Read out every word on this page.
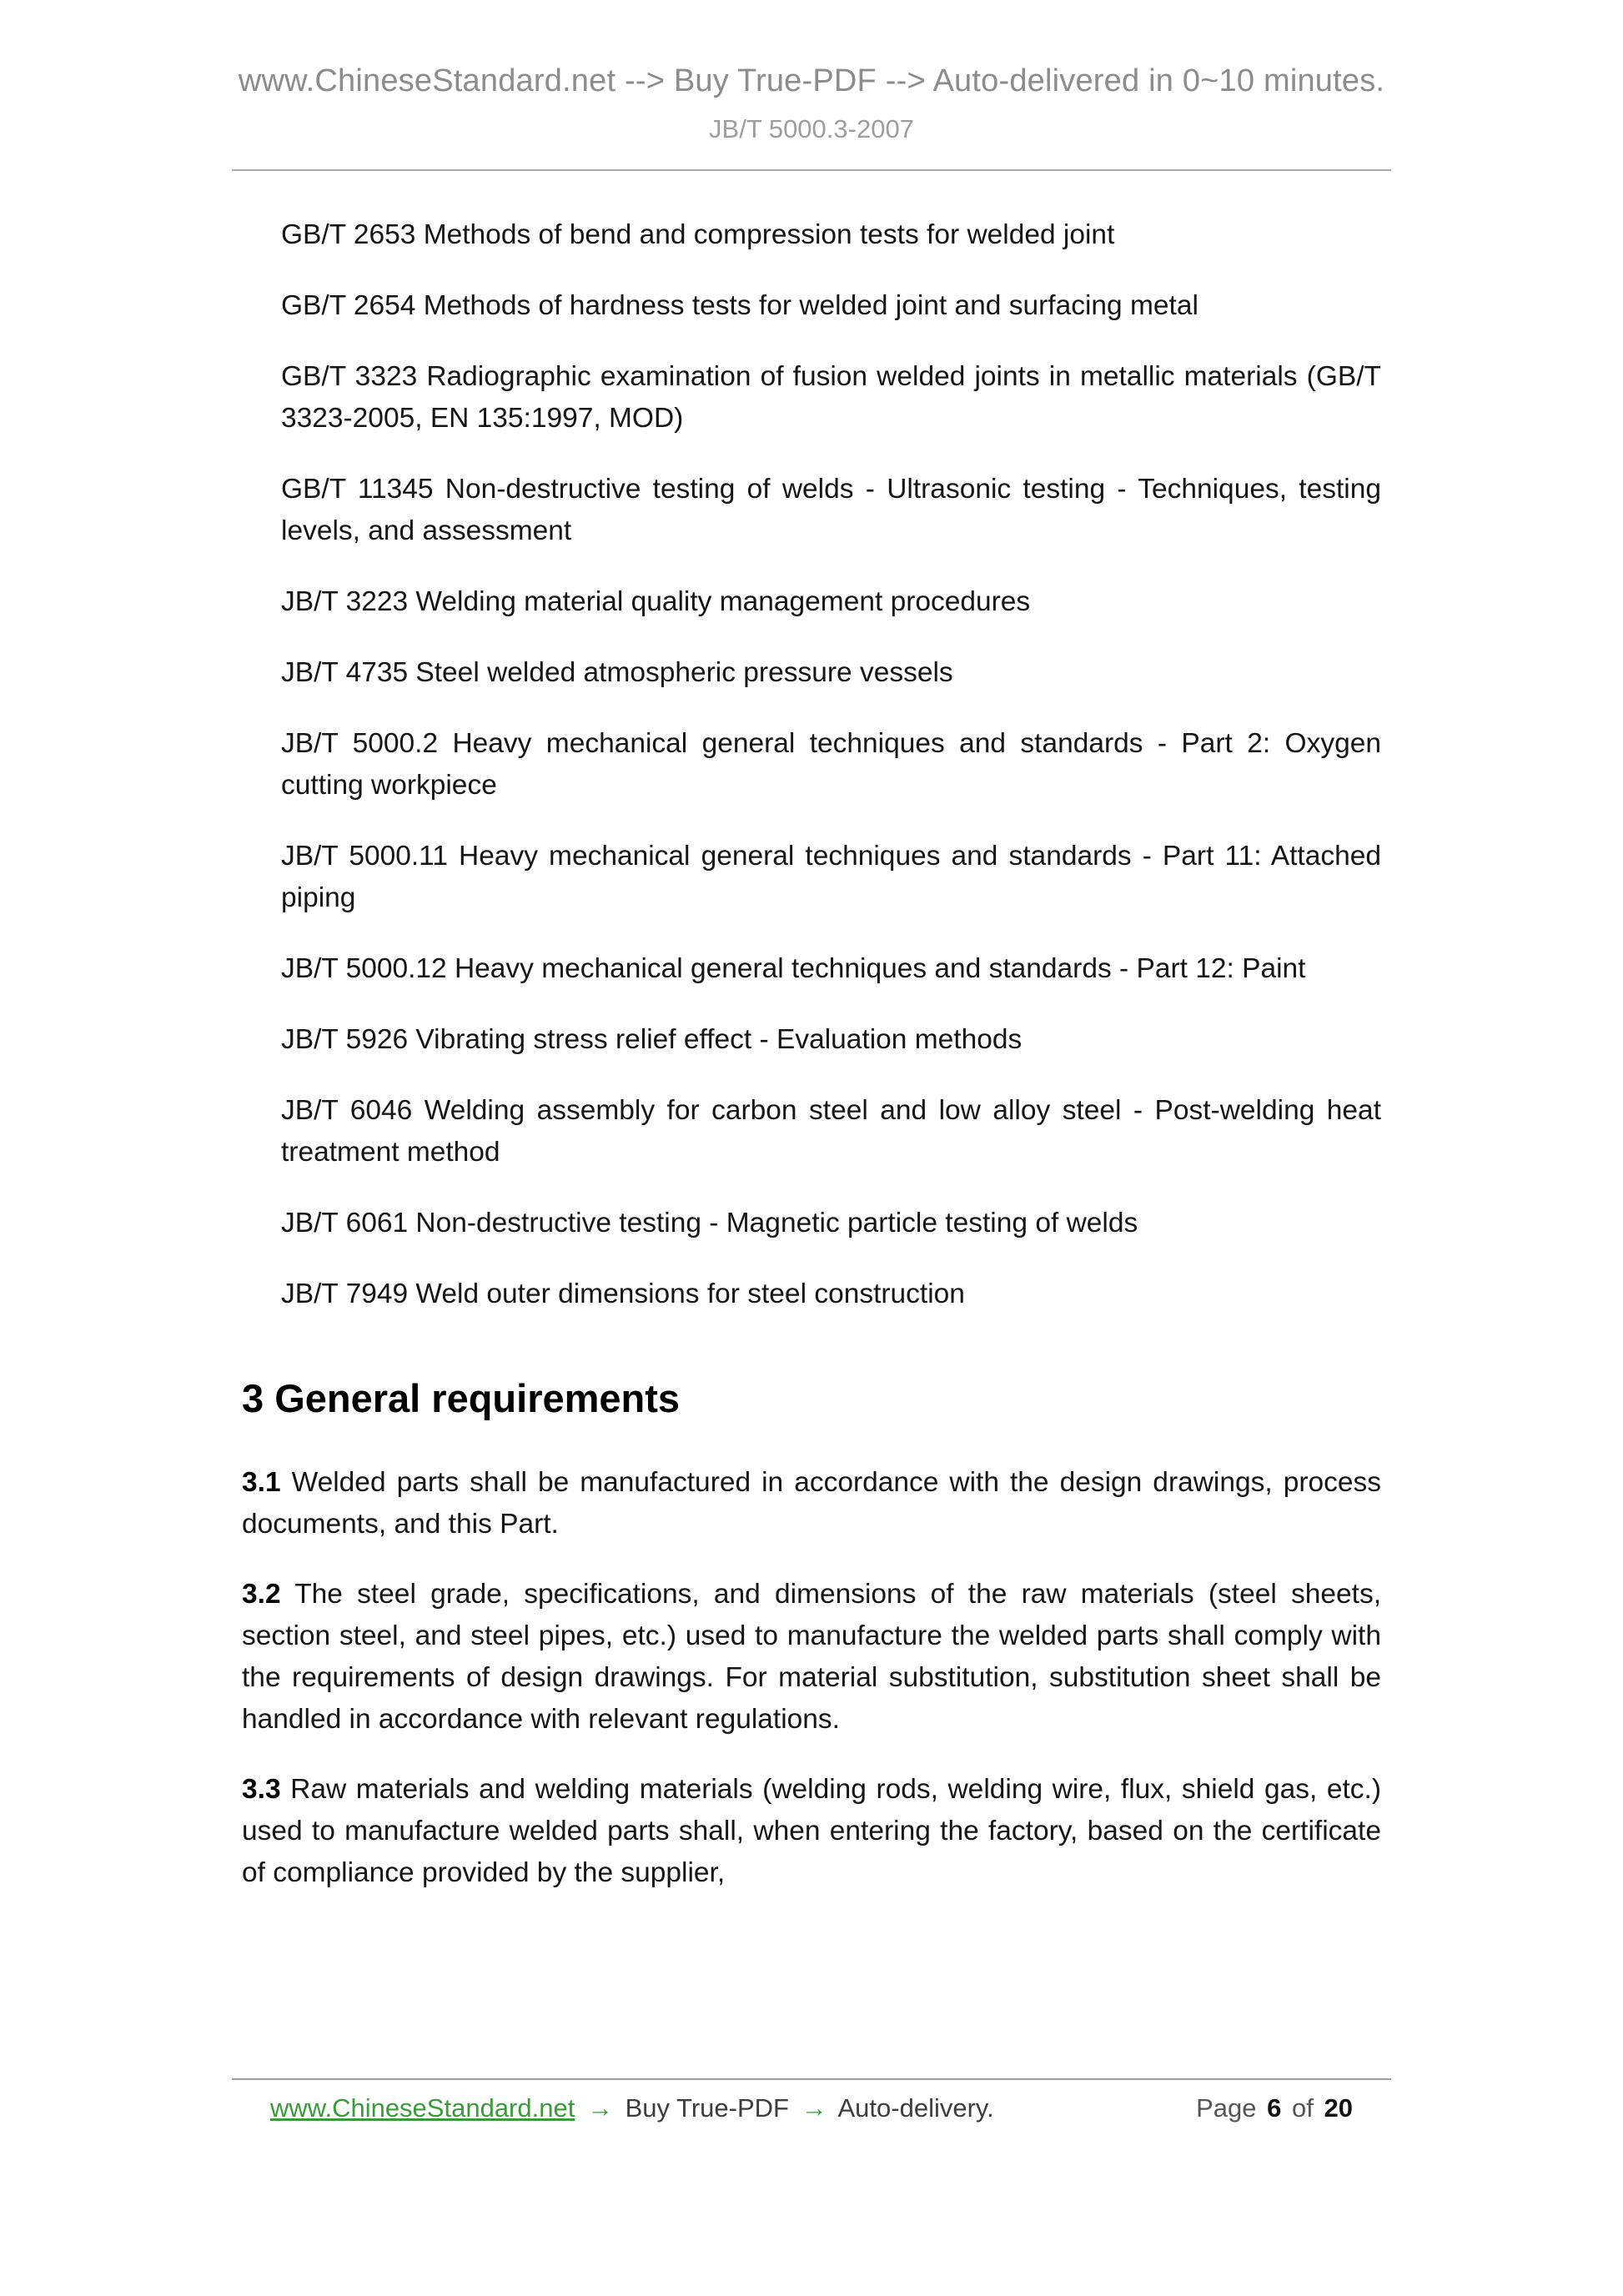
www.ChineseStandard.net --> Buy True-PDF --> Auto-delivered in 0~10 minutes.
JB/T 5000.3-2007

GB/T 2653 Methods of bend and compression tests for welded joint

GB/T 2654 Methods of hardness tests for welded joint and surfacing metal

GB/T 3323 Radiographic examination of fusion welded joints in metallic materials (GB/T 3323-2005, EN 135:1997, MOD)

GB/T 11345 Non-destructive testing of welds - Ultrasonic testing - Techniques, testing levels, and assessment

JB/T 3223 Welding material quality management procedures

JB/T 4735 Steel welded atmospheric pressure vessels

JB/T 5000.2 Heavy mechanical general techniques and standards - Part 2: Oxygen cutting workpiece

JB/T 5000.11 Heavy mechanical general techniques and standards - Part 11: Attached piping

JB/T 5000.12 Heavy mechanical general techniques and standards - Part 12: Paint

JB/T 5926 Vibrating stress relief effect - Evaluation methods

JB/T 6046 Welding assembly for carbon steel and low alloy steel - Post-welding heat treatment method

JB/T 6061 Non-destructive testing - Magnetic particle testing of welds

JB/T 7949 Weld outer dimensions for steel construction

3 General requirements

3.1 Welded parts shall be manufactured in accordance with the design drawings, process documents, and this Part.

3.2 The steel grade, specifications, and dimensions of the raw materials (steel sheets, section steel, and steel pipes, etc.) used to manufacture the welded parts shall comply with the requirements of design drawings. For material substitution, substitution sheet shall be handled in accordance with relevant regulations.

3.3 Raw materials and welding materials (welding rods, welding wire, flux, shield gas, etc.) used to manufacture welded parts shall, when entering the factory, based on the certificate of compliance provided by the supplier,

www.ChineseStandard.net → Buy True-PDF → Auto-delivery.	Page 6 of 20
